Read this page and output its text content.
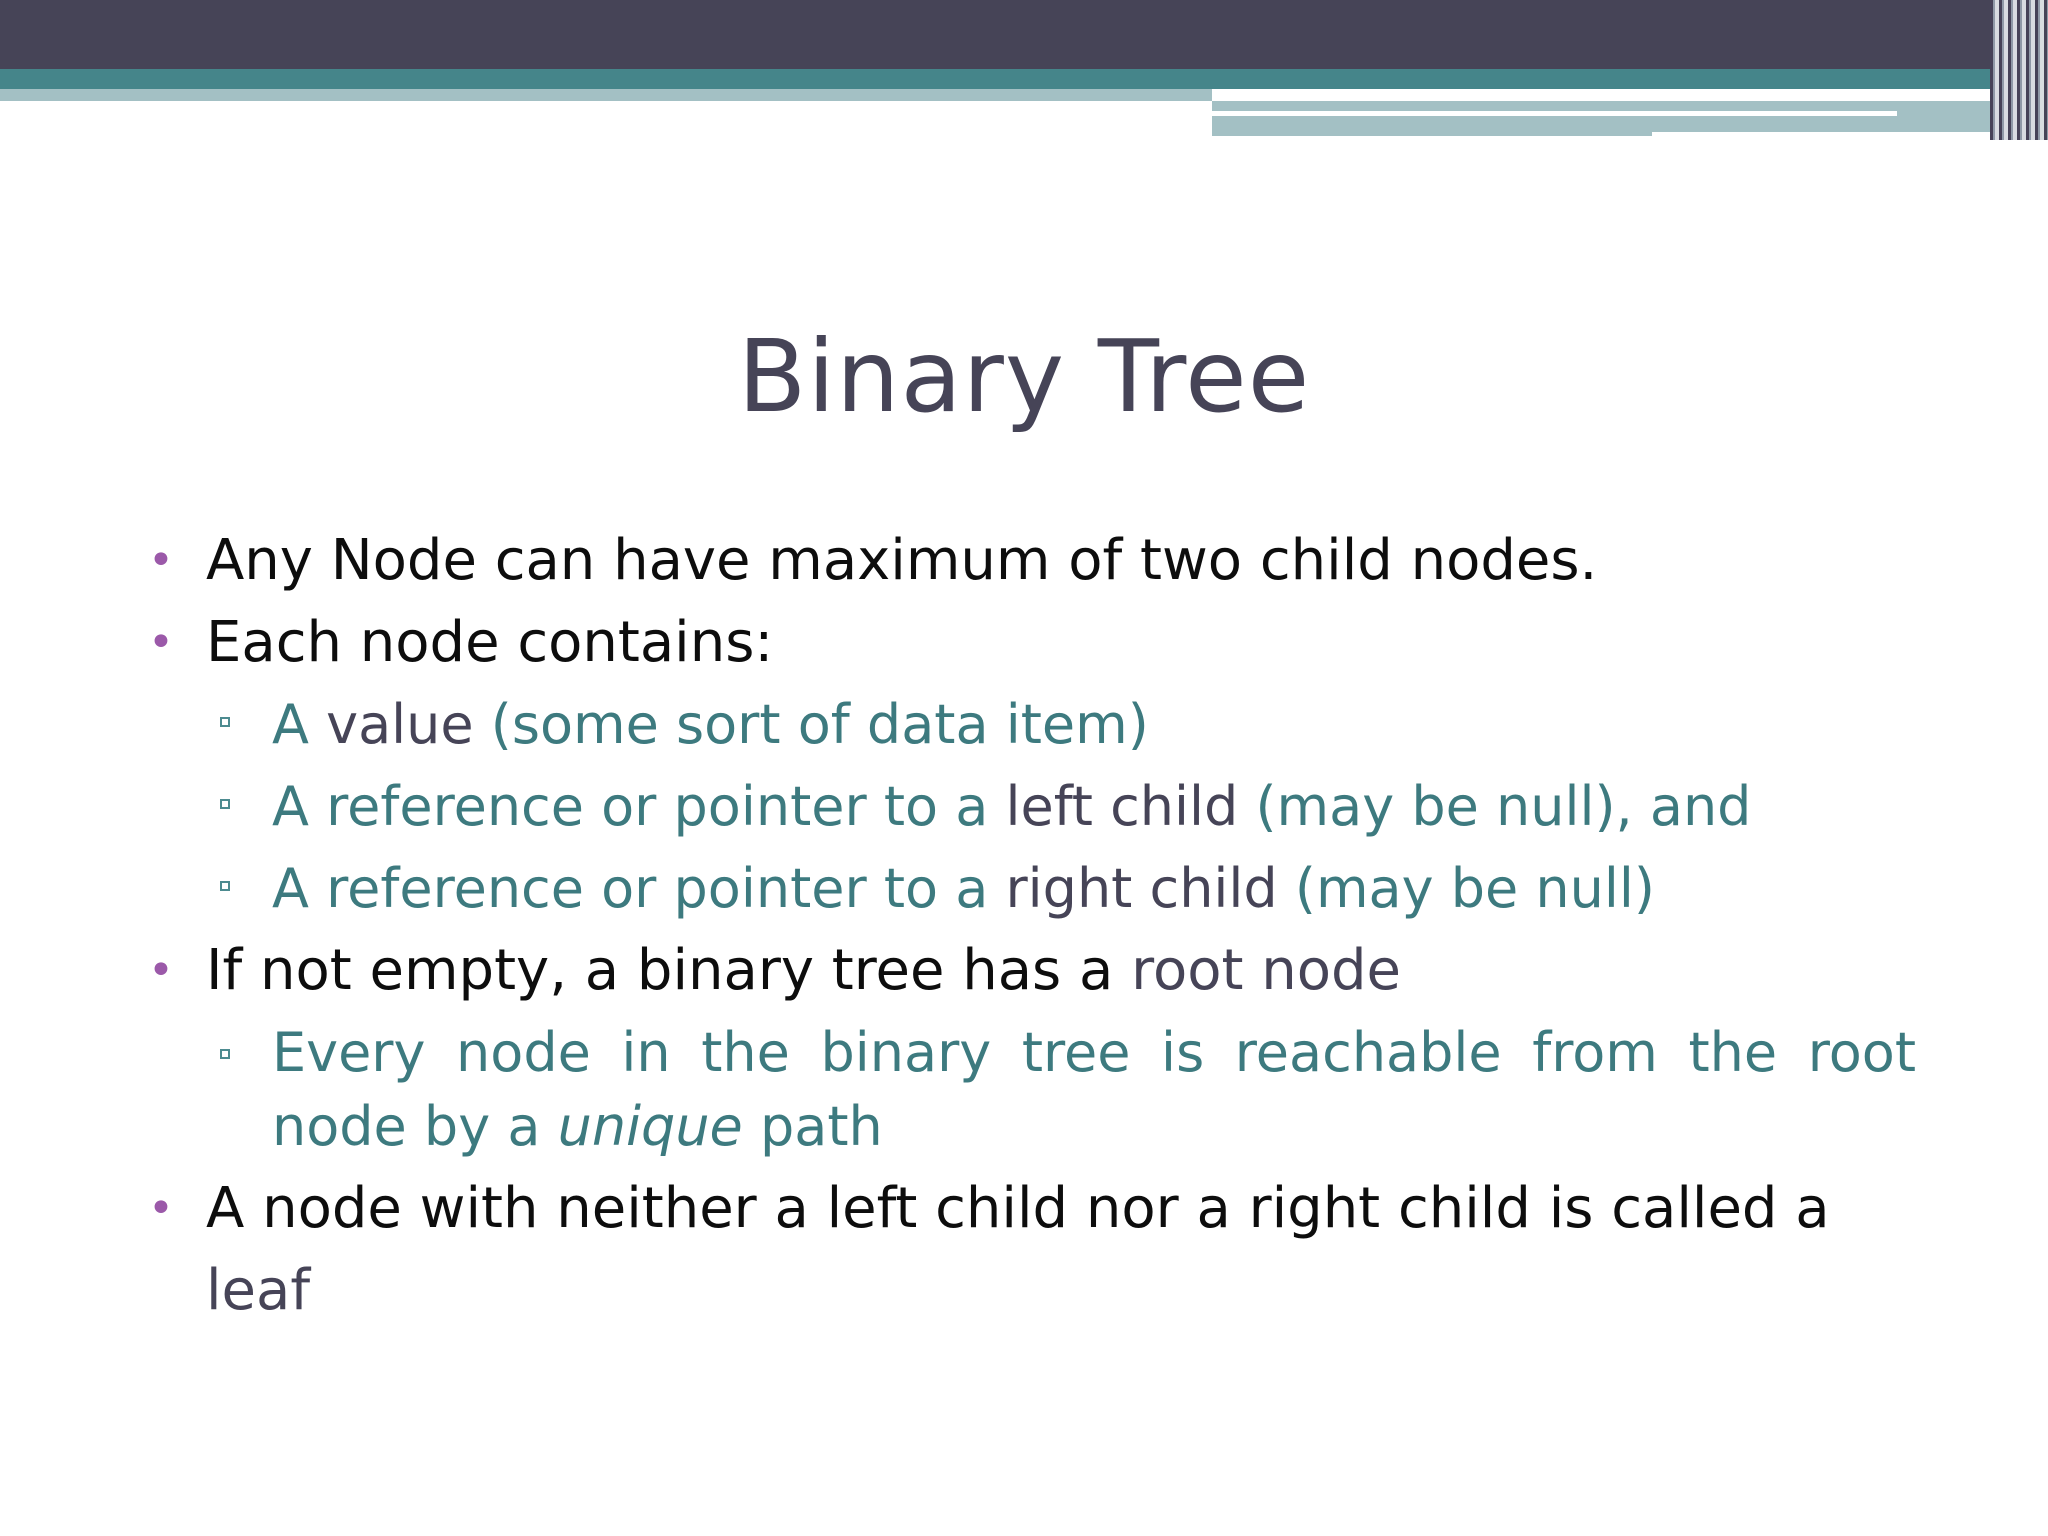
Binary Tree
• Any Node can have maximum of two child nodes.
• Each node contains:
A value (some sort of data item)
A reference or pointer to a left child (may be null), and
A reference or pointer to a right child (may be null)
• If not empty, a binary tree has a root node
Every node in the binary tree is reachable from the root node by a unique path
• A node with neither a left child nor a right child is called a leaf
